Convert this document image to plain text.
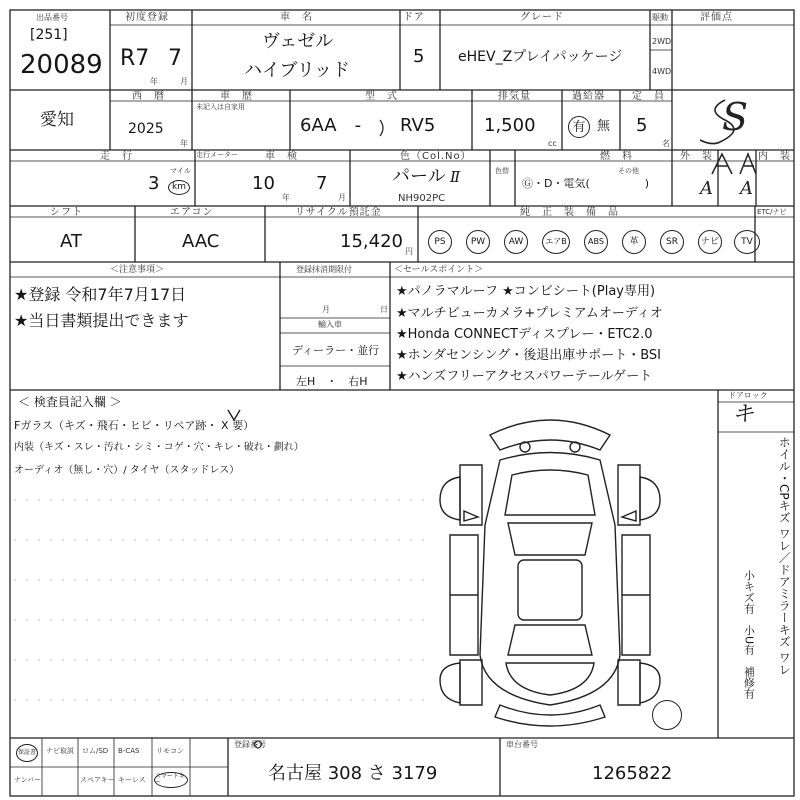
出品番号
[251]
20089
初度登録
R7 7
年	月
車　名
ヴェゼル
ハイブリッド
ドア
5
グレード
eHEV_Zプレイパッケージ
駆動
2WD
4WD
評価点
S
愛知
西　暦
2025
年
車　歴
未記入は自家用
型　式
6AA　- RV5
排気量
1,500
cc
過給器
有 無
定　員
5
名
走　行	走行メーター
3
マイル
km
車　検
10
年
7
月
色（Col.No）
パール Ⅱ
NH902PC
色替
燃　料
Ⓖ・D・電気(　　　　　)
その他
外　装
A
内　装
A
シフト
AT
エアコン
AAC
リサイクル預託金
15,420 円
純　正　装　備　品	ETC/ナビ
PS	PW	AW	エアB	ABS	革	SR	ナビ TV
＜注意事項＞
★登録 令和7年7月17日
★当日書類提出できます
登録抹消期限付
月	日
輸入車
ディーラー・並行
左H　・　右H
＜セールスポイント＞
★パノラマルーフ ★コンビシート(Play専用)
★マルチビューカメラ+プレミアムオーディオ
★Honda CONNECTディスプレー・ETC2.0
★ホンダセンシング・後退出庫サポート・BSI
★ハンズフリーアクセスパワーテールゲート
＜ 検査員記入欄 ＞
Fガラス（キズ・飛石・ヒビ・リペア跡・ X 要）
内装（キズ・スレ・汚れ・シミ・コゲ・穴・キレ・破れ・劃れ）
オーディオ（無し・穴）/ タイヤ（スタッドレス）
ドアロック
キ
ホイル・CPキズ ワレ／ドアミラーキズ ワレ
小キズ有　小U有　補修有
保証書 ナビ取説 ロム/SD B-CAS リモコン
ナンバー	スペアキー キーレス スマートキー
登録番号
名古屋 308 さ 3179
車台番号
1265822
